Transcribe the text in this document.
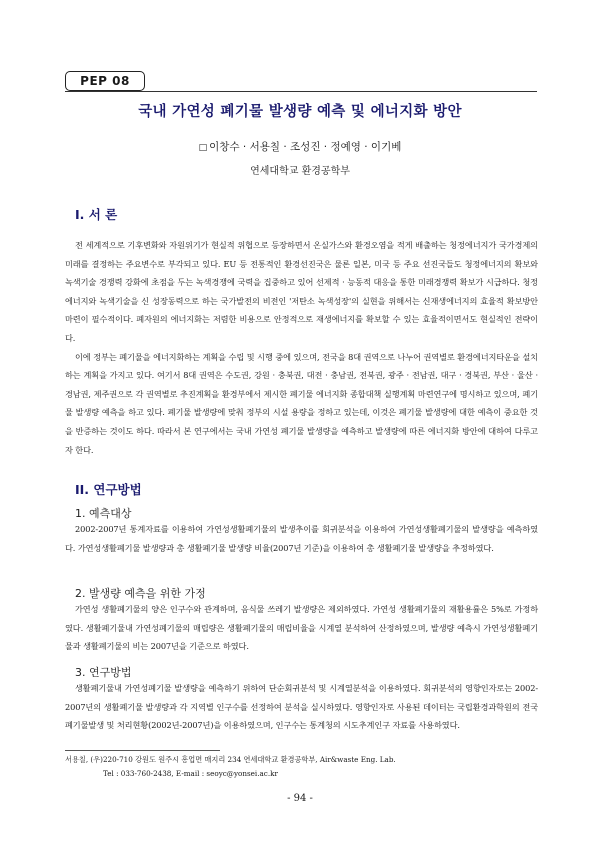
PEP 08
국내 가연성 폐기물 발생량 예측 및 에너지화 방안
□ 이창수 · 서용칠 · 조성진 · 정예영 · 이기베
연세대학교 환경공학부
I. 서 론

전 세계적으로 기후변화와 자원위기가 현실적 위협으로 등장하면서 온실가스와 환경오염을 적게 배출하는 청정에너지가 국가경제의 미래를 결정하는 주요변수로 부각되고 있다. EU 등 전통적인 환경선진국은 물론 일본, 미국 등 주요 선진국들도 청정에너지의 확보와 녹색기술 경쟁력 강화에 초점을 두는 녹색경쟁에 국력을 집중하고 있어 선제적 · 능동적 대응을 통한 미래경쟁력 확보가 시급하다. 청정에너지와 녹색기술을 신 성장동력으로 하는 국가발전의 비전인 '저탄소 녹색성장'의 실현을 위해서는 신재생에너지의 효율적 확보방안 마련이 필수적이다. 폐자원의 에너지화는 저렴한 비용으로 안정적으로 재생에너지를 확보할 수 있는 효율적이면서도 현실적인 전략이다.

이에 정부는 폐기물을 에너지화하는 계획을 수립 및 시행 중에 있으며, 전국을 8대 권역으로 나누어 권역별로 환경에너지타운을 설치하는 계획을 가지고 있다. 여기서 8대 권역은 수도권, 강원 · 충북권, 대전 · 충남권, 전북권, 광주 · 전남권, 대구 · 경북권, 부산 · 울산 · 경남권, 제주권으로 각 권역별로 추진계획을 환경부에서 제시한 폐기물 에너지화 종합대책 실행계획 마련연구에 명시하고 있으며, 폐기물 발생량 예측을 하고 있다. 폐기물 발생량에 맞춰 정부의 시설 용량을 정하고 있는데, 이것은 폐기물 발생량에 대한 예측이 중요한 것을 반증하는 것이도 하다. 따라서 본 연구에서는 국내 가연성 폐기물 발생량을 예측하고 발생량에 따른 에너지화 방안에 대하여 다루고자 한다.

II. 연구방법
1. 예측대상

2002-2007년 통계자료를 이용하여 가연성생활폐기물의 발생추이를 회귀분석을 이용하여 가연성생활폐기물의 발생량을 예측하였다. 가연성생활폐기물 발생량과 총 생활폐기물 발생량 비율(2007년 기준)을 이용하여 총 생활폐기물 발생량을 추정하였다.

2. 발생량 예측을 위한 가정

가연성 생활폐기물의 양은 인구수와 관계하며, 음식물 쓰레기 발생량은 제외하였다. 가연성 생활폐기물의 재활용률은 5%로 가정하였다. 생활폐기물내 가연성폐기물의 매립량은 생활폐기물의 매립비율을 시계열 분석하여 산정하였으며, 발생량 예측시 가연성생활폐기물과 생활폐기물의 비는 2007년을 기준으로 하였다.

3. 연구방법

생활폐기물내 가연성폐기물 발생량을 예측하기 위하여 단순회귀분석 및 시계열분석을 이용하였다. 회귀분석의 영향인자로는 2002-2007년의 생활폐기물 발생량과 각 지역별 인구수를 선정하여 분석을 실시하였다. 영향인자로 사용된 데이터는 국립환경과학원의 전국폐기물발생 및 처리현황(2002년-2007년)을 이용하였으며, 인구수는 통계청의 시도추계인구 자료를 사용하였다.

서용칠, (우)220-710 강원도 원주시 흥업면 매지리 234 연세대학교 환경공학부, Air&waste Eng. Lab.
Tel : 033-760-2438, E-mail : seoyc@yonsei.ac.kr
- 94 -
